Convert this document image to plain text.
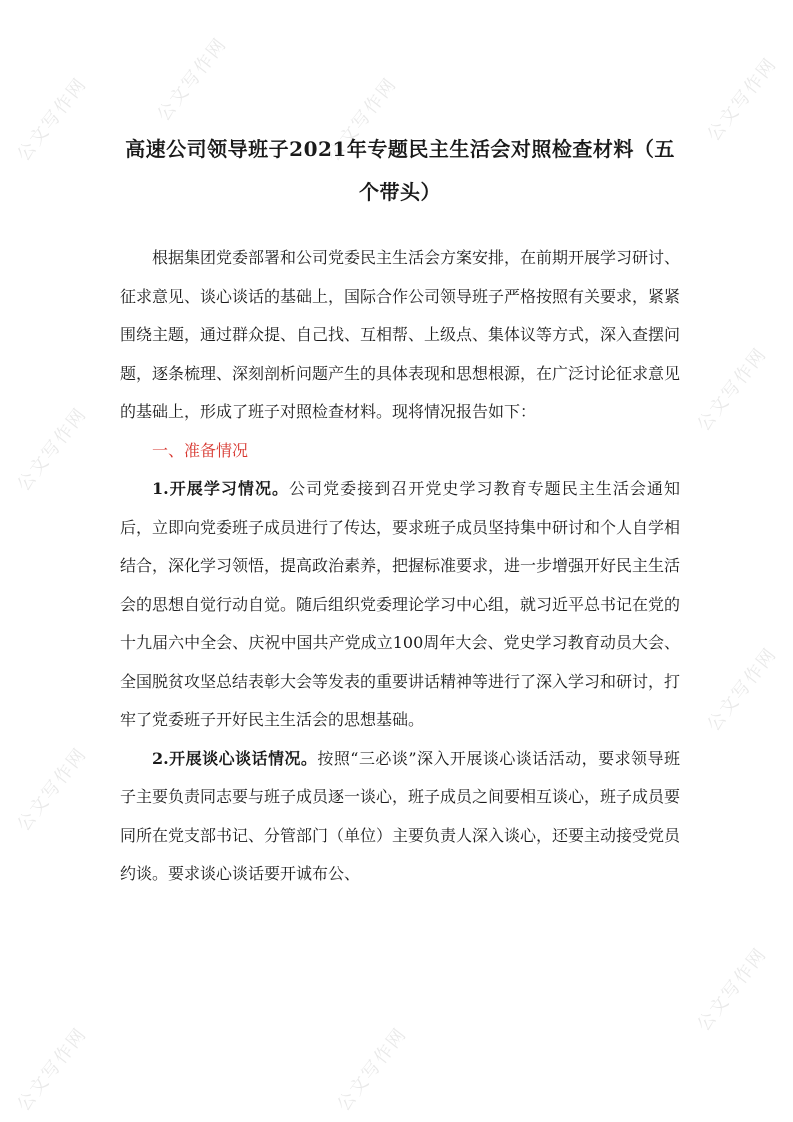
公文写作网	公文写作网	公文写作网	公文写作网
公文写作网
公文写作网
公文写作网
公文写作网
公文写作网
公文写作网	公文写作网
高速公司领导班子2021年专题民主生活会对照检查材料（五个带头）

根据集团党委部署和公司党委民主生活会方案安排，在前期开展学习研讨、征求意见、谈心谈话的基础上，国际合作公司领导班子严格按照有关要求，紧紧围绕主题，通过群众提、自己找、互相帮、上级点、集体议等方式，深入查摆问题，逐条梳理、深刻剖析问题产生的具体表现和思想根源，在广泛讨论征求意见的基础上，形成了班子对照检查材料。现将情况报告如下：

一、准备情况

1.开展学习情况。公司党委接到召开党史学习教育专题民主生活会通知后，立即向党委班子成员进行了传达，要求班子成员坚持集中研讨和个人自学相结合，深化学习领悟，提高政治素养，把握标准要求，进一步增强开好民主生活会的思想自觉行动自觉。随后组织党委理论学习中心组，就习近平总书记在党的十九届六中全会、庆祝中国共产党成立100周年大会、党史学习教育动员大会、全国脱贫攻坚总结表彰大会等发表的重要讲话精神等进行了深入学习和研讨，打牢了党委班子开好民主生活会的思想基础。

2.开展谈心谈话情况。按照“三必谈”深入开展谈心谈话活动，要求领导班子主要负责同志要与班子成员逐一谈心，班子成员之间要相互谈心，班子成员要同所在党支部书记、分管部门（单位）主要负责人深入谈心，还要主动接受党员约谈。要求谈心谈话要开诚布公、
